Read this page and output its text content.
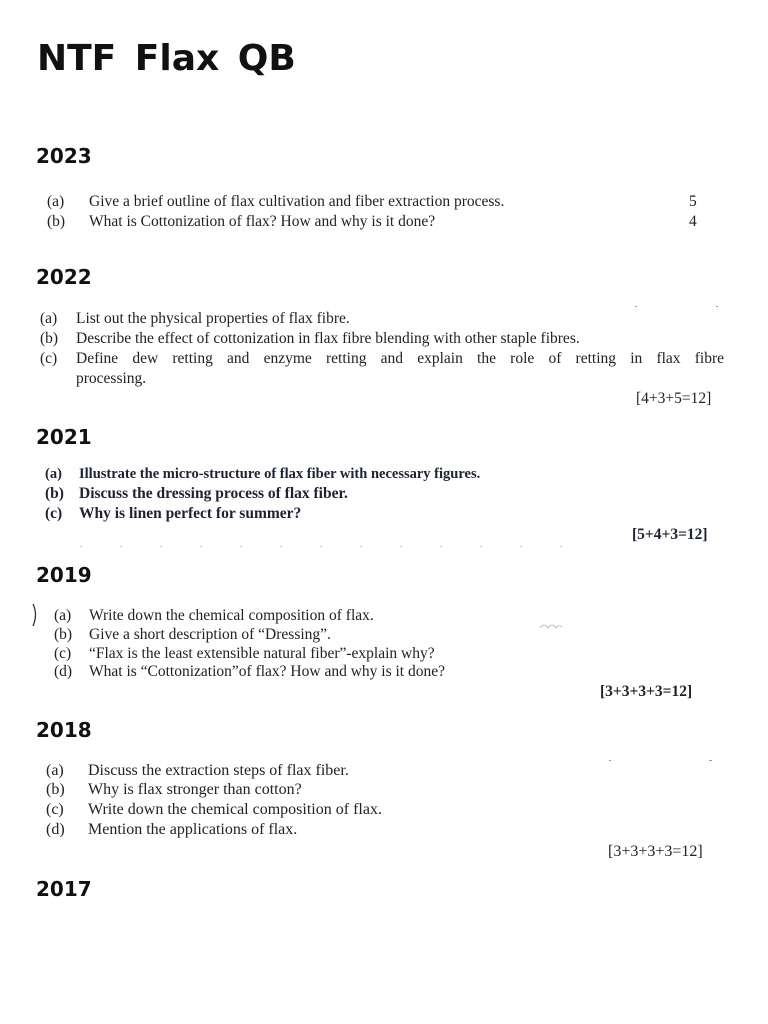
NTF Flax QB
2023
(a) Give a brief outline of flax cultivation and fiber extraction process.	5
(b) What is Cottonization of flax? How and why is it done?	4
2022
(a) List out the physical properties of flax fibre.
(b) Describe the effect of cottonization in flax fibre blending with other staple fibres.
(c) Define dew retting and enzyme retting and explain the role of retting in flax fibre
processing.
[4+3+5=12]
2021
(a) Illustrate the micro-structure of flax fiber with necessary figures.
(b) Discuss the dressing process of flax fiber.
(c) Why is linen perfect for summer?
[5+4+3=12]
2019
(a) Write down the chemical composition of flax.
(b) Give a short description of “Dressing”.
(c) “Flax is the least extensible natural fiber”-explain why?
(d) What is “Cottonization”of flax? How and why is it done?
[3+3+3+3=12]
2018
(a) Discuss the extraction steps of flax fiber.
(b) Why is flax stronger than cotton?
(c) Write down the chemical composition of flax.
(d) Mention the applications of flax.
[3+3+3+3=12]
2017
